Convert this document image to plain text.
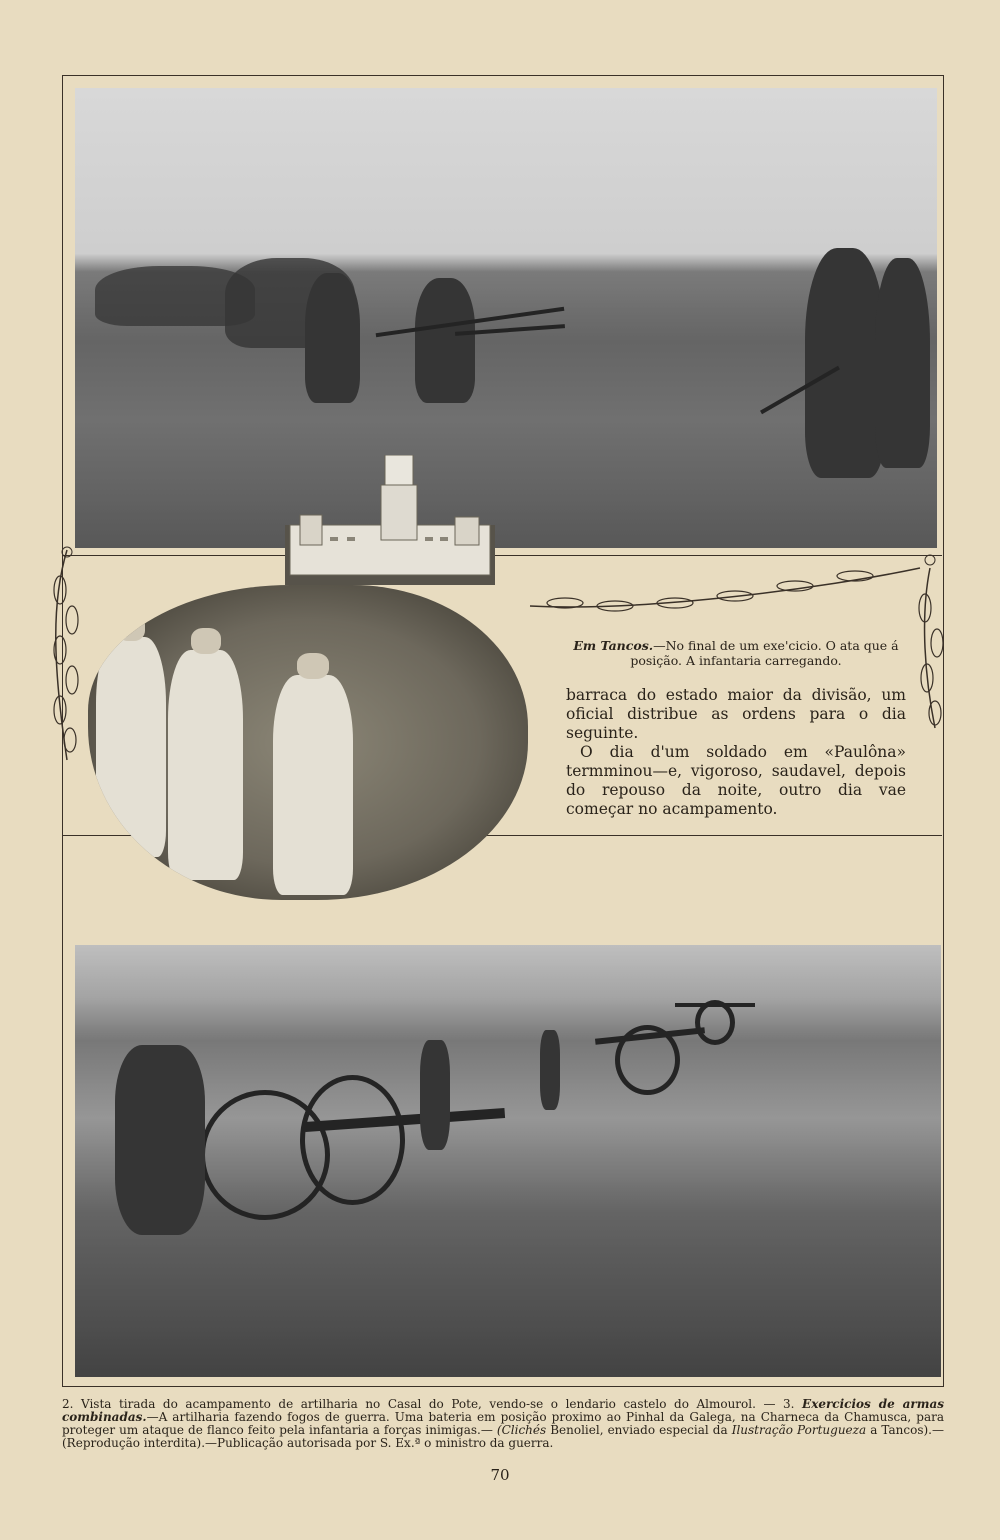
Em Tancos.—No final de um exe'cicio. O ata que á posição. A infantaria carregando.

barraca do estado maior da divisão, um oficial distribue as ordens para o dia seguinte.

O dia d'um soldado em «Paulôna» termminou—e, vigoroso, saudavel, depois do repouso da noite, outro dia vae começar no acampamento.

2. Vista tirada do acampamento de artilharia no Casal do Pote, vendo-se o lendario castelo do Almourol. — 3. Exercicios de armas combinadas.—A artilharia fazendo fogos de guerra. Uma bateria em posição proximo ao Pinhal da Galega, na Charneca da Chamusca, para proteger um ataque de flanco feito pela infantaria a forças inimigas.— (Clichés Benoliel, enviado especial da Ilustração Portugueza a Tancos).—(Reprodução interdita).—Publicação autorisada por S. Ex.ª o ministro da guerra.
70
